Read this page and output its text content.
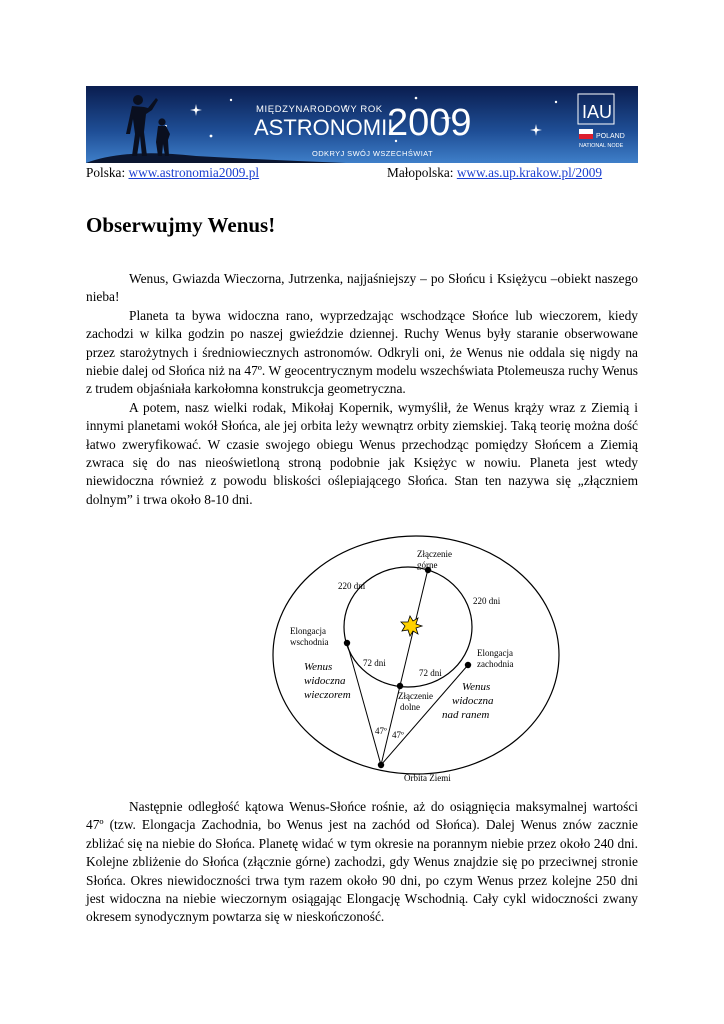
MIĘDZYNARODOWY ROK
ASTRONOMII
2009
ODKRYJ SWÓJ WSZECHŚWIAT
IAU
POLAND
NATIONAL NODE
Polska: www.astronomia2009.pl	Małopolska: www.as.up.krakow.pl/2009
Obserwujmy Wenus!

Wenus, Gwiazda Wieczorna, Jutrzenka, najjaśniejszy – po Słońcu i Księżycu –obiekt naszego nieba!

Planeta ta bywa widoczna rano, wyprzedzając wschodzące Słońce lub wieczorem, kiedy zachodzi w kilka godzin po naszej gwieździe dziennej. Ruchy Wenus były staranie obserwowane przez starożytnych i średniowiecznych astronomów. Odkryli oni, że Wenus nie oddala się nigdy na niebie dalej od Słońca niż na 47º. W geocentrycznym modelu wszechświata Ptolemeusza ruchy Wenus z trudem objaśniała karkołomna konstrukcja geometryczna.

A potem, nasz wielki rodak, Mikołaj Kopernik, wymyślił, że Wenus krąży wraz z Ziemią i innymi planetami wokół Słońca, ale jej orbita leży wewnątrz orbity ziemskiej. Taką teorię można dość łatwo zweryfikować. W czasie swojego obiegu Wenus przechodząc pomiędzy Słońcem a Ziemią zwraca się do nas nieoświetloną stroną podobnie jak Księżyc w nowiu. Planeta jest wtedy niewidoczna również z powodu bliskości oślepiającego Słońca. Stan ten nazywa się „złączniem dolnym” i trwa około 8-10 dni.

Złączenie
górne
220 dni
220 dni
Elongacja
wschodnia
Elongacja
zachodnia
72 dni
72 dni
Wenus
widoczna
wieczorem	Złączenie
dolne
Wenus
widoczna
nad ranem
47º 47º
Orbita Ziemi

Następnie odległość kątowa Wenus-Słońce rośnie, aż do osiągnięcia maksymalnej wartości 47º (tzw. Elongacja Zachodnia, bo Wenus jest na zachód od Słońca). Dalej Wenus znów zacznie zbliżać się na niebie do Słońca. Planetę widać w tym okresie na porannym niebie przez około 240 dni. Kolejne zbliżenie do Słońca (złącznie górne) zachodzi, gdy Wenus znajdzie się po przeciwnej stronie Słońca. Okres niewidoczności trwa tym razem około 90 dni, po czym Wenus przez kolejne 250 dni jest widoczna na niebie wieczornym osiągając Elongację Wschodnią. Cały cykl widoczności zwany okresem synodycznym powtarza się w nieskończoność.
